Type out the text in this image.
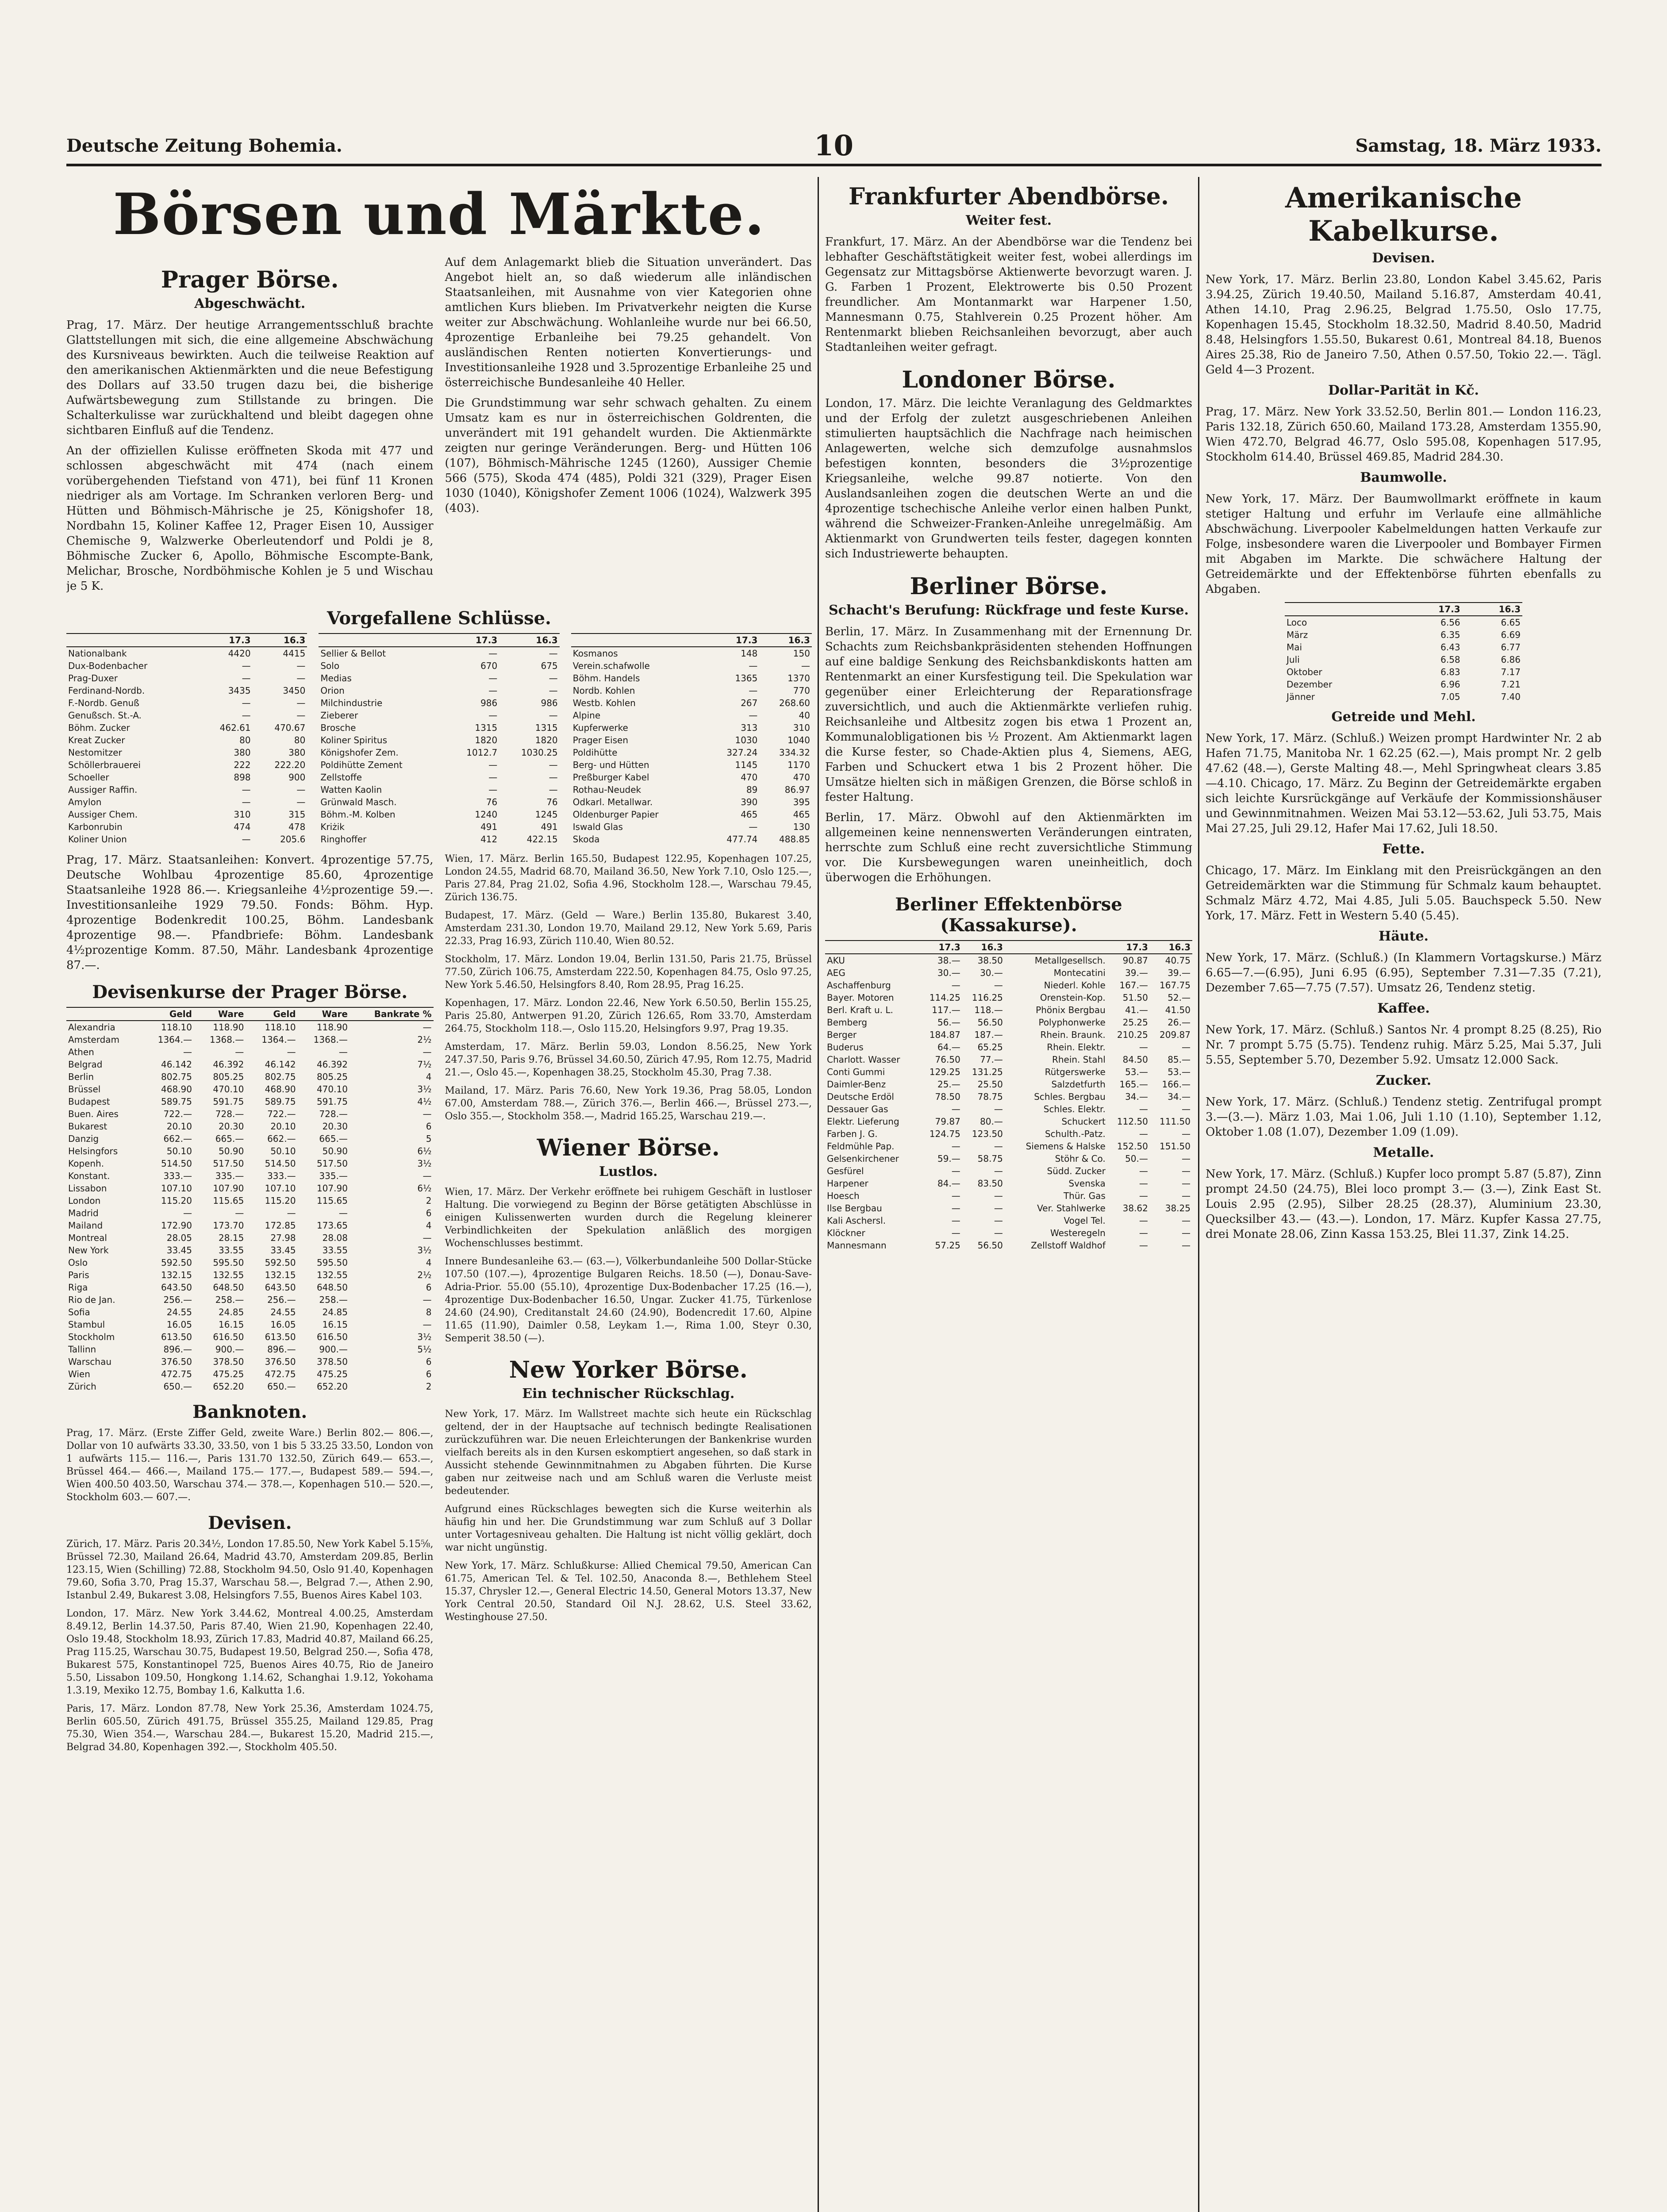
Deutsche Zeitung Bohemia.	10	Samstag, 18. März 1933.
Börsen und Märkte.
Prager Börse.
Abgeschwächt.

Prag, 17. März. Der heutige Arrangementsschluß brachte Glattstellungen mit sich, die eine allgemeine Abschwächung des Kursniveaus bewirkten. Auch die teilweise Reaktion auf den amerikanischen Aktienmärkten und die neue Befestigung des Dollars auf 33.50 trugen dazu bei, die bisherige Aufwärtsbewegung zum Stillstande zu bringen. Die Schalterkulisse war zurückhaltend und bleibt dagegen ohne sichtbaren Einfluß auf die Tendenz.

An der offiziellen Kulisse eröffneten Skoda mit 477 und schlossen abgeschwächt mit 474 (nach einem vorübergehenden Tiefstand von 471), bei fünf 11 Kronen niedriger als am Vortage. Im Schranken verloren Berg- und Hütten und Böhmisch-Mährische je 25, Königshofer 18, Nordbahn 15, Koliner Kaffee 12, Prager Eisen 10, Aussiger Chemische 9, Walzwerke Oberleutendorf und Poldi je 8, Böhmische Zucker 6, Apollo, Böhmische Escompte-Bank, Melichar, Brosche, Nordböhmische Kohlen je 5 und Wischau je 5 K.

Auf dem Anlagemarkt blieb die Situation unverändert. Das Angebot hielt an, so daß wiederum alle inländischen Staatsanleihen, mit Ausnahme von vier Kategorien ohne amtlichen Kurs blieben. Im Privatverkehr neigten die Kurse weiter zur Abschwächung. Wohlanleihe wurde nur bei 66.50, 4prozentige Erbanleihe bei 79.25 gehandelt. Von ausländischen Renten notierten Konvertierungs- und Investitionsanleihe 1928 und 3.5prozentige Erbanleihe 25 und österreichische Bundesanleihe 40 Heller.

Die Grundstimmung war sehr schwach gehalten. Zu einem Umsatz kam es nur in österreichischen Goldrenten, die unverändert mit 191 gehandelt wurden. Die Aktienmärkte zeigten nur geringe Veränderungen. Berg- und Hütten 106 (107), Böhmisch-Mährische 1245 (1260), Aussiger Chemie 566 (575), Skoda 474 (485), Poldi 321 (329), Prager Eisen 1030 (1040), Königshofer Zement 1006 (1024), Walzwerk 395 (403).

Vorgefallene Schlüsse.
	17.3	16.3
Nationalbank	4420	4415
Dux-Bodenbacher	—	—
Prag-Duxer	—	—
Ferdinand-Nordb.	3435	3450
F.-Nordb. Genuß	—	—
Genußsch. St.-A.	—	—
Böhm. Zucker	462.61	470.67
Kreat Zucker	80	80
Nestomitzer	380	380
Schöllerbrauerei	222	222.20
Schoeller	898	900
Aussiger Raffin.	—	—
Amylon	—	—
Aussiger Chem.	310	315
Karbonrubin	474	478
Koliner Union	—	205.6
	17.3	16.3
Sellier & Bellot	—	—
Solo	670	675
Medias	—	—
Orion	—	—
Milchindustrie	986	986
Zieberer	—	—
Brosche	1315	1315
Koliner Spiritus	1820	1820
Königshofer Zem.	1012.7	1030.25
Poldihütte Zement	—	—
Zellstoffe	—	—
Watten Kaolin	—	—
Grünwald Masch.	76	76
Böhm.-M. Kolben	1240	1245
Kriżik	491	491
Ringhoffer	412	422.15
	17.3	16.3
Kosmanos	148	150
Verein.schafwolle	—	—
Böhm. Handels	1365	1370
Nordb. Kohlen	—	770
Westb. Kohlen	267	268.60
Alpine	—	40
Kupferwerke	313	310
Prager Eisen	1030	1040
Poldihütte	327.24	334.32
Berg- und Hütten	1145	1170
Preßburger Kabel	470	470
Rothau-Neudek	89	86.97
Odkarl. Metallwar.	390	395
Oldenburger Papier	465	465
Iswald Glas	—	130
Skoda	477.74	488.85

Prag, 17. März. Staatsanleihen: Konvert. 4prozentige 57.75, Deutsche Wohlbau 4prozentige 85.60, 4prozentige Staatsanleihe 1928 86.—. Kriegsanleihe 4½prozentige 59.—. Investitionsanleihe 1929 79.50. Fonds: Böhm. Hyp. 4prozentige Bodenkredit 100.25, Böhm. Landesbank 4prozentige 98.—. Pfandbriefe: Böhm. Landesbank 4½prozentige Komm. 87.50, Mähr. Landesbank 4prozentige 87.—.

Devisenkurse der Prager Börse.
	Geld	Ware	Geld	Ware	Bankrate %
Alexandria	118.10	118.90	118.10	118.90	—
Amsterdam	1364.—	1368.—	1364.—	1368.—	2½
Athen	—	—	—	—	—
Belgrad	46.142	46.392	46.142	46.392	7½
Berlin	802.75	805.25	802.75	805.25	4
Brüssel	468.90	470.10	468.90	470.10	3½
Budapest	589.75	591.75	589.75	591.75	4½
Buen. Aires	722.—	728.—	722.—	728.—	—
Bukarest	20.10	20.30	20.10	20.30	6
Danzig	662.—	665.—	662.—	665.—	5
Helsingfors	50.10	50.90	50.10	50.90	6½
Kopenh.	514.50	517.50	514.50	517.50	3½
Konstant.	333.—	335.—	333.—	335.—	—
Lissabon	107.10	107.90	107.10	107.90	6½
London	115.20	115.65	115.20	115.65	2
Madrid	—	—	—	—	6
Mailand	172.90	173.70	172.85	173.65	4
Montreal	28.05	28.15	27.98	28.08	—
New York	33.45	33.55	33.45	33.55	3½
Oslo	592.50	595.50	592.50	595.50	4
Paris	132.15	132.55	132.15	132.55	2½
Riga	643.50	648.50	643.50	648.50	6
Rio de Jan.	256.—	258.—	256.—	258.—	—
Sofia	24.55	24.85	24.55	24.85	8
Stambul	16.05	16.15	16.05	16.15	—
Stockholm	613.50	616.50	613.50	616.50	3½
Tallinn	896.—	900.—	896.—	900.—	5½
Warschau	376.50	378.50	376.50	378.50	6
Wien	472.75	475.25	472.75	475.25	6
Zürich	650.—	652.20	650.—	652.20	2
Banknoten.

Prag, 17. März. (Erste Ziffer Geld, zweite Ware.) Berlin 802.— 806.—, Dollar von 10 aufwärts 33.30, 33.50, von 1 bis 5 33.25 33.50, London von 1 aufwärts 115.— 116.—, Paris 131.70 132.50, Zürich 649.— 653.—, Brüssel 464.— 466.—, Mailand 175.— 177.—, Budapest 589.— 594.—, Wien 400.50 403.50, Warschau 374.— 378.—, Kopenhagen 510.— 520.—, Stockholm 603.— 607.—.

Devisen.

Zürich, 17. März. Paris 20.34½, London 17.85.50, New York Kabel 5.15⅝, Brüssel 72.30, Mailand 26.64, Madrid 43.70, Amsterdam 209.85, Berlin 123.15, Wien (Schilling) 72.88, Stockholm 94.50, Oslo 91.40, Kopenhagen 79.60, Sofia 3.70, Prag 15.37, Warschau 58.—, Belgrad 7.—, Athen 2.90, Istanbul 2.49, Bukarest 3.08, Helsingfors 7.55, Buenos Aires Kabel 103.

London, 17. März. New York 3.44.62, Montreal 4.00.25, Amsterdam 8.49.12, Berlin 14.37.50, Paris 87.40, Wien 21.90, Kopenhagen 22.40, Oslo 19.48, Stockholm 18.93, Zürich 17.83, Madrid 40.87, Mailand 66.25, Prag 115.25, Warschau 30.75, Budapest 19.50, Belgrad 250.—, Sofia 478, Bukarest 575, Konstantinopel 725, Buenos Aires 40.75, Rio de Janeiro 5.50, Lissabon 109.50, Hongkong 1.14.62, Schanghai 1.9.12, Yokohama 1.3.19, Mexiko 12.75, Bombay 1.6, Kalkutta 1.6.

Paris, 17. März. London 87.78, New York 25.36, Amsterdam 1024.75, Berlin 605.50, Zürich 491.75, Brüssel 355.25, Mailand 129.85, Prag 75.30, Wien 354.—, Warschau 284.—, Bukarest 15.20, Madrid 215.—, Belgrad 34.80, Kopenhagen 392.—, Stockholm 405.50.

Wien, 17. März. Berlin 165.50, Budapest 122.95, Kopenhagen 107.25, London 24.55, Madrid 68.70, Mailand 36.50, New York 7.10, Oslo 125.—, Paris 27.84, Prag 21.02, Sofia 4.96, Stockholm 128.—, Warschau 79.45, Zürich 136.75.

Budapest, 17. März. (Geld — Ware.) Berlin 135.80, Bukarest 3.40, Amsterdam 231.30, London 19.70, Mailand 29.12, New York 5.69, Paris 22.33, Prag 16.93, Zürich 110.40, Wien 80.52.

Stockholm, 17. März. London 19.04, Berlin 131.50, Paris 21.75, Brüssel 77.50, Zürich 106.75, Amsterdam 222.50, Kopenhagen 84.75, Oslo 97.25, New York 5.46.50, Helsingfors 8.40, Rom 28.95, Prag 16.25.

Kopenhagen, 17. März. London 22.46, New York 6.50.50, Berlin 155.25, Paris 25.80, Antwerpen 91.20, Zürich 126.65, Rom 33.70, Amsterdam 264.75, Stockholm 118.—, Oslo 115.20, Helsingfors 9.97, Prag 19.35.

Amsterdam, 17. März. Berlin 59.03, London 8.56.25, New York 247.37.50, Paris 9.76, Brüssel 34.60.50, Zürich 47.95, Rom 12.75, Madrid 21.—, Oslo 45.—, Kopenhagen 38.25, Stockholm 45.30, Prag 7.38.

Mailand, 17. März. Paris 76.60, New York 19.36, Prag 58.05, London 67.00, Amsterdam 788.—, Zürich 376.—, Berlin 466.—, Brüssel 273.—, Oslo 355.—, Stockholm 358.—, Madrid 165.25, Warschau 219.—.

Wiener Börse.
Lustlos.

Wien, 17. März. Der Verkehr eröffnete bei ruhigem Geschäft in lustloser Haltung. Die vorwiegend zu Beginn der Börse getätigten Abschlüsse in einigen Kulissenwerten wurden durch die Regelung kleinerer Verbindlichkeiten der Spekulation anläßlich des morgigen Wochenschlusses bestimmt.

Innere Bundesanleihe 63.— (63.—), Völkerbundanleihe 500 Dollar-Stücke 107.50 (107.—), 4prozentige Bulgaren Reichs. 18.50 (—), Donau-Save-Adria-Prior. 55.00 (55.10), 4prozentige Dux-Bodenbacher 17.25 (16.—), 4prozentige Dux-Bodenbacher 16.50, Ungar. Zucker 41.75, Türkenlose 24.60 (24.90), Creditanstalt 24.60 (24.90), Bodencredit 17.60, Alpine 11.65 (11.90), Daimler 0.58, Leykam 1.—, Rima 1.00, Steyr 0.30, Semperit 38.50 (—).

New Yorker Börse.
Ein technischer Rückschlag.

New York, 17. März. Im Wallstreet machte sich heute ein Rückschlag geltend, der in der Hauptsache auf technisch bedingte Realisationen zurückzuführen war. Die neuen Erleichterungen der Bankenkrise wurden vielfach bereits als in den Kursen eskomptiert angesehen, so daß stark in Aussicht stehende Gewinnmitnahmen zu Abgaben führten. Die Kurse gaben nur zeitweise nach und am Schluß waren die Verluste meist bedeutender.

Aufgrund eines Rückschlages bewegten sich die Kurse weiterhin als häufig hin und her. Die Grundstimmung war zum Schluß auf 3 Dollar unter Vortagesniveau gehalten. Die Haltung ist nicht völlig geklärt, doch war nicht ungünstig.

New York, 17. März. Schlußkurse: Allied Chemical 79.50, American Can 61.75, American Tel. & Tel. 102.50, Anaconda 8.—, Bethlehem Steel 15.37, Chrysler 12.—, General Electric 14.50, General Motors 13.37, New York Central 20.50, Standard Oil N.J. 28.62, U.S. Steel 33.62, Westinghouse 27.50.

Frankfurter Abendbörse.
Weiter fest.

Frankfurt, 17. März. An der Abendbörse war die Tendenz bei lebhafter Geschäftstätigkeit weiter fest, wobei allerdings im Gegensatz zur Mittagsbörse Aktienwerte bevorzugt waren. J. G. Farben 1 Prozent, Elektrowerte bis 0.50 Prozent freundlicher. Am Montanmarkt war Harpener 1.50, Mannesmann 0.75, Stahlverein 0.25 Prozent höher. Am Rentenmarkt blieben Reichsanleihen bevorzugt, aber auch Stadtanleihen weiter gefragt.

Londoner Börse.

London, 17. März. Die leichte Veranlagung des Geldmarktes und der Erfolg der zuletzt ausgeschriebenen Anleihen stimulierten hauptsächlich die Nachfrage nach heimischen Anlagewerten, welche sich demzufolge ausnahmslos befestigen konnten, besonders die 3½prozentige Kriegsanleihe, welche 99.87 notierte. Von den Auslandsanleihen zogen die deutschen Werte an und die 4prozentige tschechische Anleihe verlor einen halben Punkt, während die Schweizer-Franken-Anleihe unregelmäßig. Am Aktienmarkt von Grundwerten teils fester, dagegen konnten sich Industriewerte behaupten.

Berliner Börse.
Schacht's Berufung: Rückfrage und feste Kurse.

Berlin, 17. März. In Zusammenhang mit der Ernennung Dr. Schachts zum Reichsbankpräsidenten stehenden Hoffnungen auf eine baldige Senkung des Reichsbankdiskonts hatten am Rentenmarkt an einer Kursfestigung teil. Die Spekulation war gegenüber einer Erleichterung der Reparationsfrage zuversichtlich, und auch die Aktienmärkte verliefen ruhig. Reichsanleihe und Altbesitz zogen bis etwa 1 Prozent an, Kommunalobligationen bis ½ Prozent. Am Aktienmarkt lagen die Kurse fester, so Chade-Aktien plus 4, Siemens, AEG, Farben und Schuckert etwa 1 bis 2 Prozent höher. Die Umsätze hielten sich in mäßigen Grenzen, die Börse schloß in fester Haltung.

Berlin, 17. März. Obwohl auf den Aktienmärkten im allgemeinen keine nennenswerten Veränderungen eintraten, herrschte zum Schluß eine recht zuversichtliche Stimmung vor. Die Kursbewegungen waren uneinheitlich, doch überwogen die Erhöhungen.

Berliner Effektenbörse (Kassakurse).
	17.3	16.3		17.3	16.3
AKU	38.—	38.50	Metallgesellsch.	90.87	40.75
AEG	30.—	30.—	Montecatini	39.—	39.—
Aschaffenburg	—	—	Niederl. Kohle	167.—	167.75
Bayer. Motoren	114.25	116.25	Orenstein-Kop.	51.50	52.—
Berl. Kraft u. L.	117.—	118.—	Phönix Bergbau	41.—	41.50
Bemberg	56.—	56.50	Polyphonwerke	25.25	26.—
Berger	184.87	187.—	Rhein. Braunk.	210.25	209.87
Buderus	64.—	65.25	Rhein. Elektr.	—	—
Charlott. Wasser	76.50	77.—	Rhein. Stahl	84.50	85.—
Conti Gummi	129.25	131.25	Rütgerswerke	53.—	53.—
Daimler-Benz	25.—	25.50	Salzdetfurth	165.—	166.—
Deutsche Erdöl	78.50	78.75	Schles. Bergbau	34.—	34.—
Dessauer Gas	—	—	Schles. Elektr.	—	—
Elektr. Lieferung	79.87	80.—	Schuckert	112.50	111.50
Farben J. G.	124.75	123.50	Schulth.-Patz.	—	—
Feldmühle Pap.	—	—	Siemens & Halske	152.50	151.50
Gelsenkirchener	59.—	58.75	Stöhr & Co.	50.—	—
Gesfürel	—	—	Südd. Zucker	—	—
Harpener	84.—	83.50	Svenska	—	—
Hoesch	—	—	Thür. Gas	—	—
Ilse Bergbau	—	—	Ver. Stahlwerke	38.62	38.25
Kali Aschersl.	—	—	Vogel Tel.	—	—
Klöckner	—	—	Westeregeln	—	—
Mannesmann	57.25	56.50	Zellstoff Waldhof	—	—
Amerikanische Kabelkurse.
Devisen.

New York, 17. März. Berlin 23.80, London Kabel 3.45.62, Paris 3.94.25, Zürich 19.40.50, Mailand 5.16.87, Amsterdam 40.41, Athen 14.10, Prag 2.96.25, Belgrad 1.75.50, Oslo 17.75, Kopenhagen 15.45, Stockholm 18.32.50, Madrid 8.40.50, Madrid 8.48, Helsingfors 1.55.50, Bukarest 0.61, Montreal 84.18, Buenos Aires 25.38, Rio de Janeiro 7.50, Athen 0.57.50, Tokio 22.—. Tägl. Geld 4—3 Prozent.

Dollar-Parität in Kč.

Prag, 17. März. New York 33.52.50, Berlin 801.— London 116.23, Paris 132.18, Zürich 650.60, Mailand 173.28, Amsterdam 1355.90, Wien 472.70, Belgrad 46.77, Oslo 595.08, Kopenhagen 517.95, Stockholm 614.40, Brüssel 469.85, Madrid 284.30.

Baumwolle.

New York, 17. März. Der Baumwollmarkt eröffnete in kaum stetiger Haltung und erfuhr im Verlaufe eine allmähliche Abschwächung. Liverpooler Kabelmeldungen hatten Verkaufe zur Folge, insbesondere waren die Liverpooler und Bombayer Firmen mit Abgaben im Markte. Die schwächere Haltung der Getreidemärkte und der Effektenbörse führten ebenfalls zu Abgaben.

	17.3	16.3
Loco	6.56	6.65
März	6.35	6.69
Mai	6.43	6.77
Juli	6.58	6.86
Oktober	6.83	7.17
Dezember	6.96	7.21
Jänner	7.05	7.40
Getreide und Mehl.

New York, 17. März. (Schluß.) Weizen prompt Hardwinter Nr. 2 ab Hafen 71.75, Manitoba Nr. 1 62.25 (62.—), Mais prompt Nr. 2 gelb 47.62 (48.—), Gerste Malting 48.—, Mehl Springwheat clears 3.85—4.10. Chicago, 17. März. Zu Beginn der Getreidemärkte ergaben sich leichte Kursrückgänge auf Verkäufe der Kommissionshäuser und Gewinnmitnahmen. Weizen Mai 53.12—53.62, Juli 53.75, Mais Mai 27.25, Juli 29.12, Hafer Mai 17.62, Juli 18.50.

Fette.

Chicago, 17. März. Im Einklang mit den Preisrückgängen an den Getreidemärkten war die Stimmung für Schmalz kaum behauptet. Schmalz März 4.72, Mai 4.85, Juli 5.05. Bauchspeck 5.50. New York, 17. März. Fett in Western 5.40 (5.45).

Häute.

New York, 17. März. (Schluß.) (In Klammern Vortagskurse.) März 6.65—7.—(6.95), Juni 6.95 (6.95), September 7.31—7.35 (7.21), Dezember 7.65—7.75 (7.57). Umsatz 26, Tendenz stetig.

Kaffee.

New York, 17. März. (Schluß.) Santos Nr. 4 prompt 8.25 (8.25), Rio Nr. 7 prompt 5.75 (5.75). Tendenz ruhig. März 5.25, Mai 5.37, Juli 5.55, September 5.70, Dezember 5.92. Umsatz 12.000 Sack.

Zucker.

New York, 17. März. (Schluß.) Tendenz stetig. Zentrifugal prompt 3.—(3.—). März 1.03, Mai 1.06, Juli 1.10 (1.10), September 1.12, Oktober 1.08 (1.07), Dezember 1.09 (1.09).

Metalle.

New York, 17. März. (Schluß.) Kupfer loco prompt 5.87 (5.87), Zinn prompt 24.50 (24.75), Blei loco prompt 3.— (3.—), Zink East St. Louis 2.95 (2.95), Silber 28.25 (28.37), Aluminium 23.30, Quecksilber 43.— (43.—). London, 17. März. Kupfer Kassa 27.75, drei Monate 28.06, Zinn Kassa 153.25, Blei 11.37, Zink 14.25.
